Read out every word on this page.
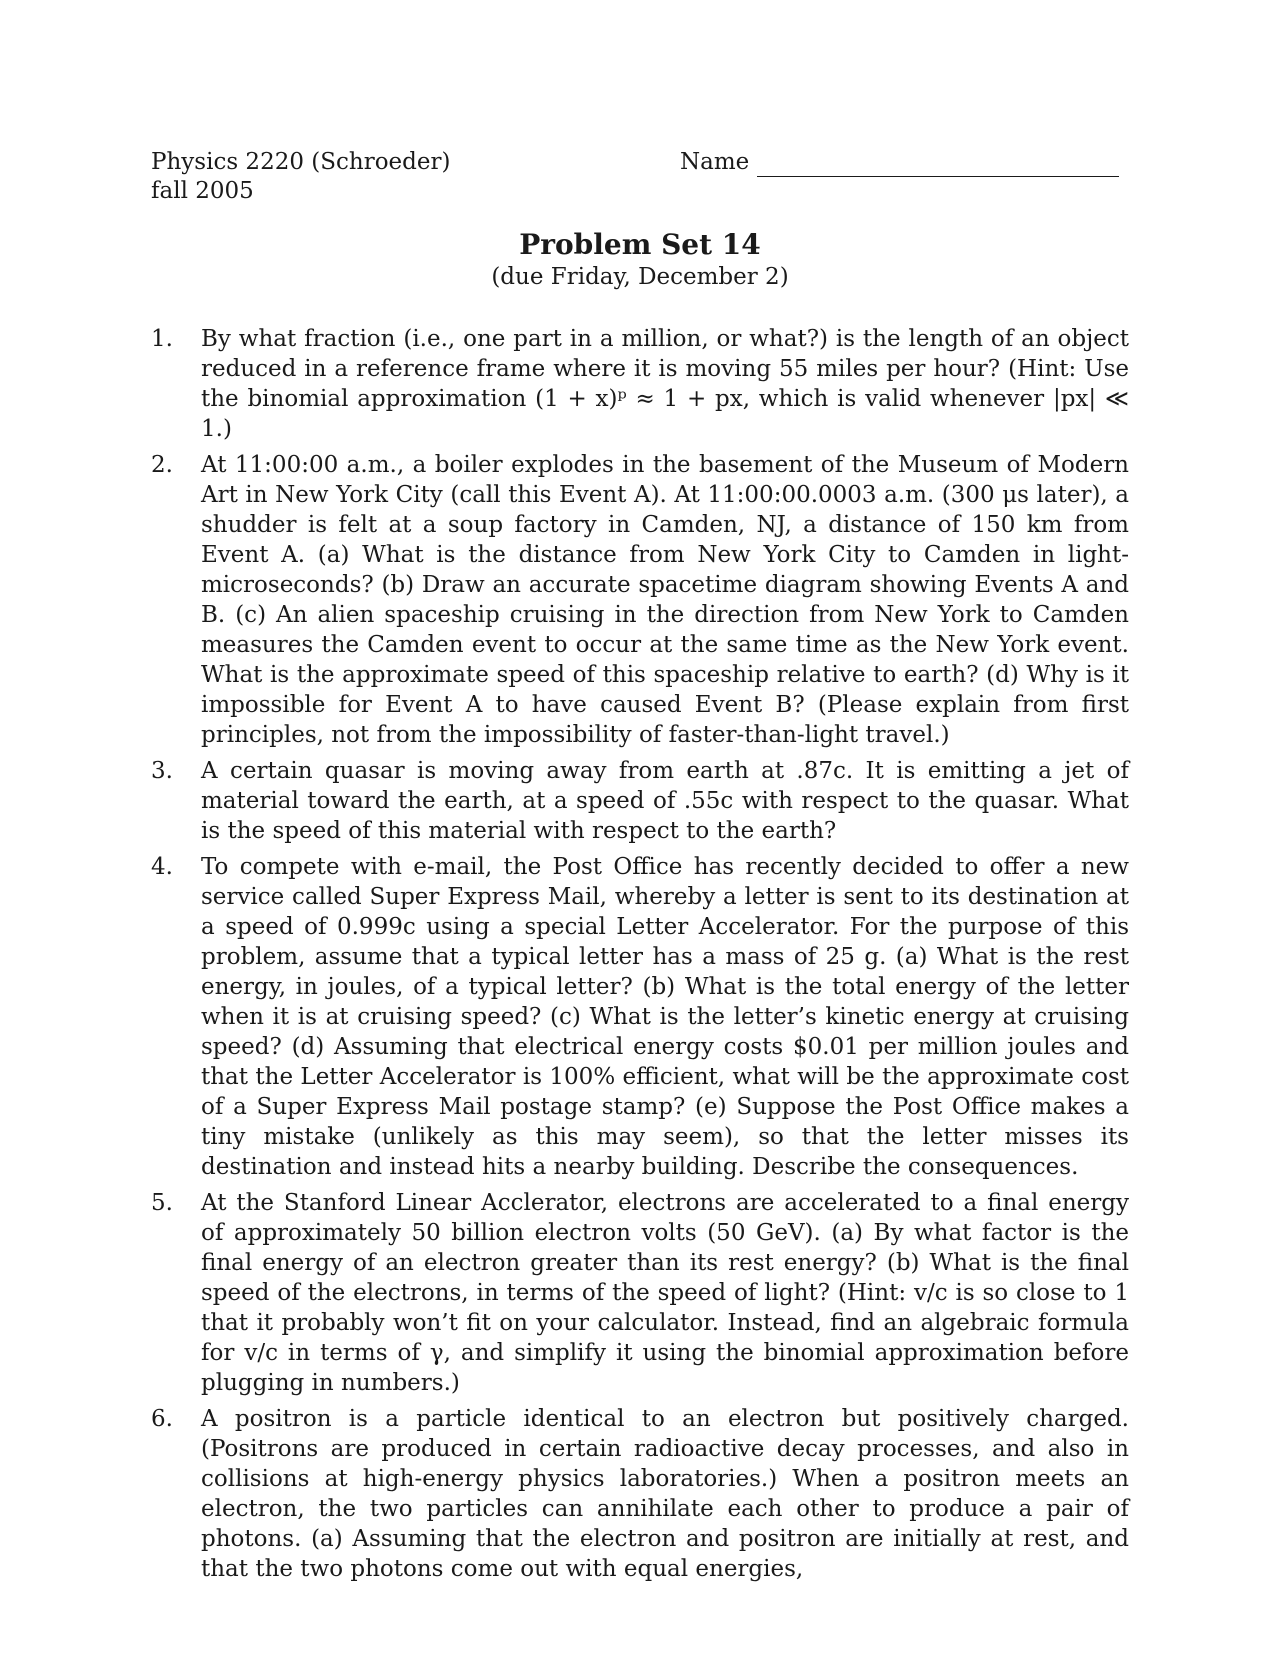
Physics 2220 (Schroeder)
fall 2005
Name
Problem Set 14
(due Friday, December 2)
1. By what fraction (i.e., one part in a million, or what?) is the length of an object reduced in a reference frame where it is moving 55 miles per hour? (Hint: Use the binomial approximation (1 + x)ᵖ ≈ 1 + px, which is valid whenever |px| ≪ 1.)
2. At 11:00:00 a.m., a boiler explodes in the basement of the Museum of Modern Art in New York City (call this Event A). At 11:00:00.0003 a.m. (300 μs later), a shudder is felt at a soup factory in Camden, NJ, a distance of 150 km from Event A. (a) What is the distance from New York City to Camden in light-microseconds? (b) Draw an accurate spacetime diagram showing Events A and B. (c) An alien spaceship cruising in the direction from New York to Camden measures the Camden event to occur at the same time as the New York event. What is the approximate speed of this spaceship relative to earth? (d) Why is it impossible for Event A to have caused Event B? (Please explain from first principles, not from the impossibility of faster-than-light travel.)
3. A certain quasar is moving away from earth at .87c. It is emitting a jet of material toward the earth, at a speed of .55c with respect to the quasar. What is the speed of this material with respect to the earth?
4. To compete with e-mail, the Post Office has recently decided to offer a new service called Super Express Mail, whereby a letter is sent to its destination at a speed of 0.999c using a special Letter Accelerator. For the purpose of this problem, assume that a typical letter has a mass of 25 g. (a) What is the rest energy, in joules, of a typical letter? (b) What is the total energy of the letter when it is at cruising speed? (c) What is the letter’s kinetic energy at cruising speed? (d) Assuming that electrical energy costs $0.01 per million joules and that the Letter Accelerator is 100% efficient, what will be the approximate cost of a Super Express Mail postage stamp? (e) Suppose the Post Office makes a tiny mistake (unlikely as this may seem), so that the letter misses its destination and instead hits a nearby building. Describe the consequences.
5. At the Stanford Linear Acclerator, electrons are accelerated to a final energy of approximately 50 billion electron volts (50 GeV). (a) By what factor is the final energy of an electron greater than its rest energy? (b) What is the final speed of the electrons, in terms of the speed of light? (Hint: v/c is so close to 1 that it probably won’t fit on your calculator. Instead, find an algebraic formula for v/c in terms of γ, and simplify it using the binomial approximation before plugging in numbers.)
6. A positron is a particle identical to an electron but positively charged. (Positrons are produced in certain radioactive decay processes, and also in collisions at high-energy physics laboratories.) When a positron meets an electron, the two particles can annihilate each other to produce a pair of photons. (a) Assuming that the electron and positron are initially at rest, and that the two photons come out with equal energies,
